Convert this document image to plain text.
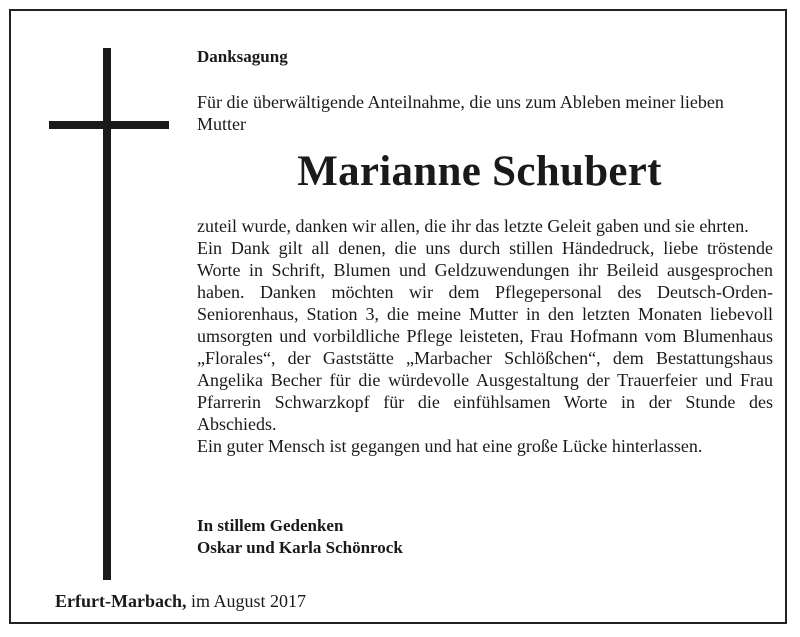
Danksagung
Für die überwältigende Anteilnahme, die uns zum Ableben meiner lieben Mutter
Marianne Schubert

zuteil wurde, danken wir allen, die ihr das letzte Geleit gaben und sie ehrten.

Ein Dank gilt all denen, die uns durch stillen Händedruck, liebe tröstende Worte in Schrift, Blumen und Geldzuwendungen ihr Beileid ausgesprochen haben. Danken möchten wir dem Pflegepersonal des Deutsch-Orden-Seniorenhaus, Station 3, die meine Mutter in den letzten Monaten liebevoll umsorgten und vorbildliche Pflege leisteten, Frau Hofmann vom Blumenhaus „Florales“, der Gaststätte „Marbacher Schlößchen“, dem Bestattungshaus Angelika Becher für die würdevolle Ausgestaltung der Trauerfeier und Frau Pfarrerin Schwarzkopf für die einfühlsamen Worte in der Stunde des Abschieds.

Ein guter Mensch ist gegangen und hat eine große Lücke hinterlassen.

In stillem Gedenken
Oskar und Karla Schönrock
Erfurt-Marbach, im August 2017
